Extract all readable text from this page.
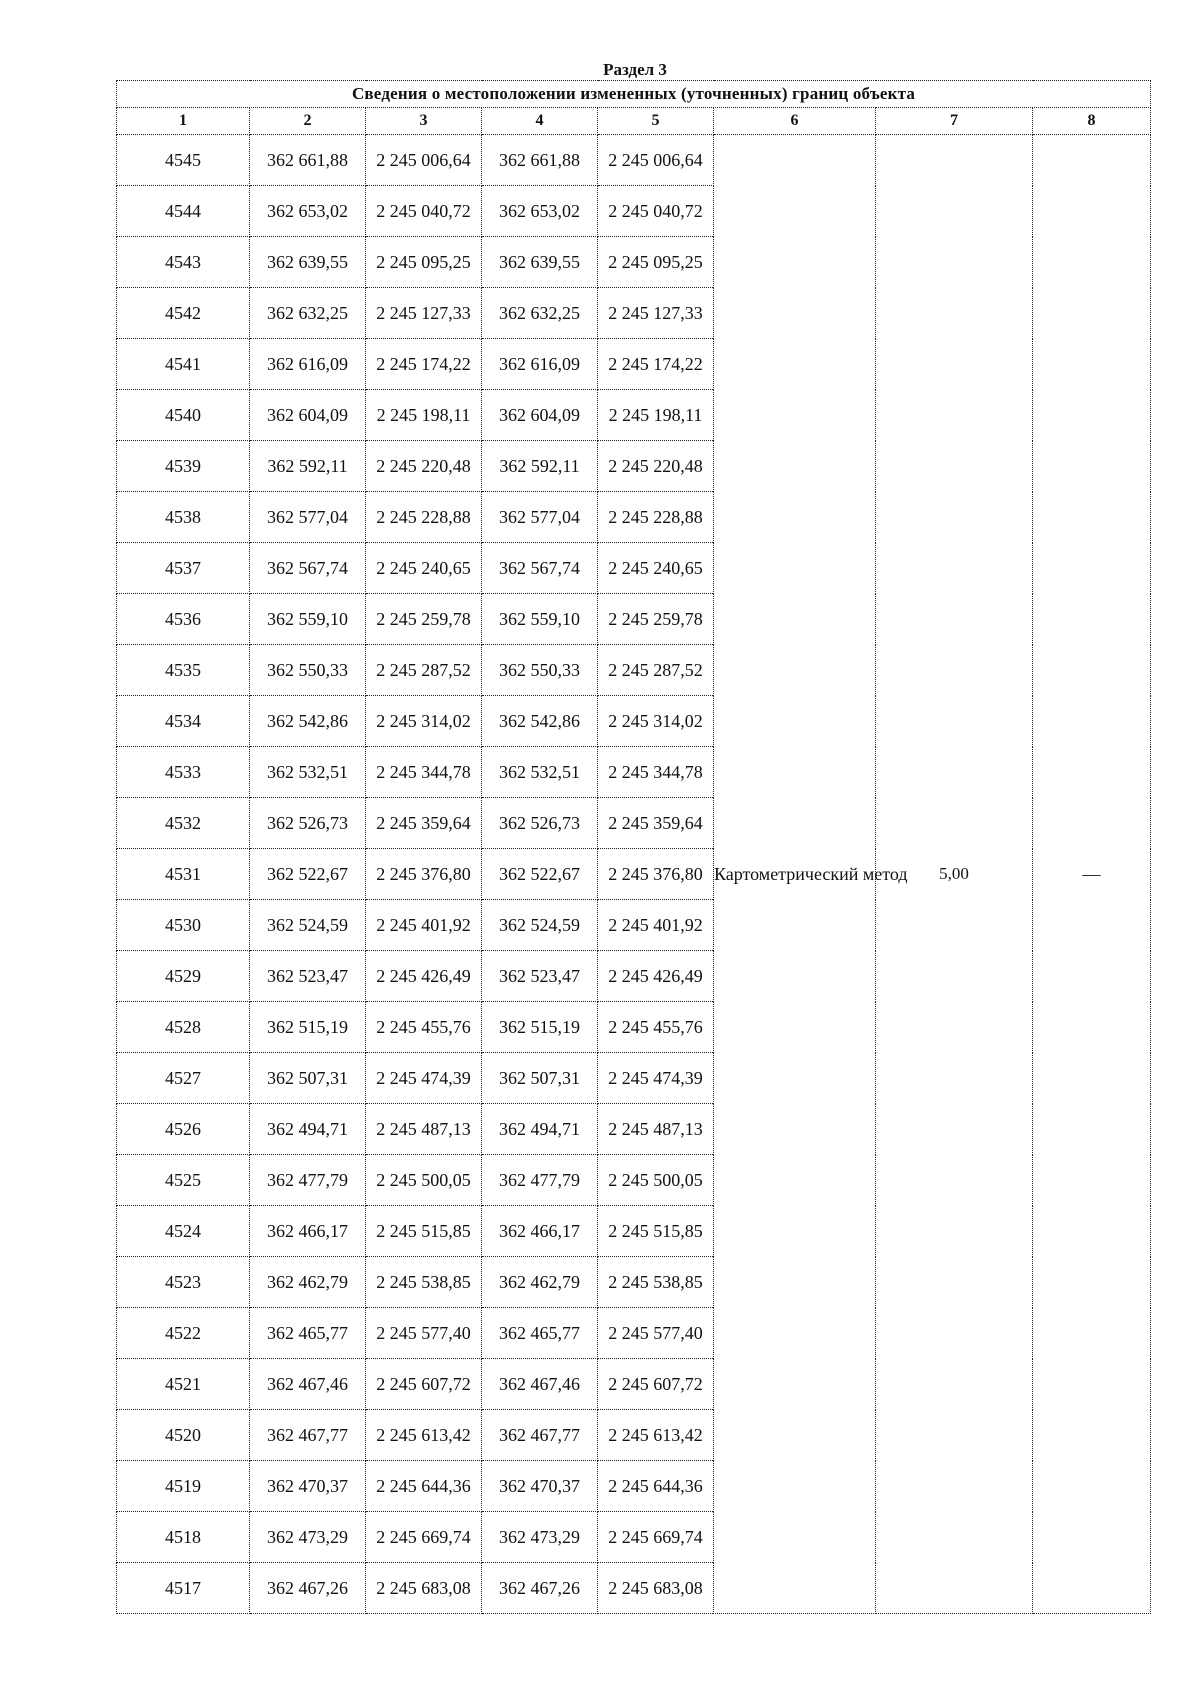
Раздел 3
Сведения о местоположении измененных (уточненных) границ объекта							
1	2	3	4	5	6	7	8
4545	362 661,88	2 245 006,64	362 661,88	2 245 006,64	Картометрический метод	5,00	—
4544	362 653,02	2 245 040,72	362 653,02	2 245 040,72			
4543	362 639,55	2 245 095,25	362 639,55	2 245 095,25			
4542	362 632,25	2 245 127,33	362 632,25	2 245 127,33			
4541	362 616,09	2 245 174,22	362 616,09	2 245 174,22			
4540	362 604,09	2 245 198,11	362 604,09	2 245 198,11			
4539	362 592,11	2 245 220,48	362 592,11	2 245 220,48			
4538	362 577,04	2 245 228,88	362 577,04	2 245 228,88			
4537	362 567,74	2 245 240,65	362 567,74	2 245 240,65			
4536	362 559,10	2 245 259,78	362 559,10	2 245 259,78			
4535	362 550,33	2 245 287,52	362 550,33	2 245 287,52			
4534	362 542,86	2 245 314,02	362 542,86	2 245 314,02			
4533	362 532,51	2 245 344,78	362 532,51	2 245 344,78			
4532	362 526,73	2 245 359,64	362 526,73	2 245 359,64			
4531	362 522,67	2 245 376,80	362 522,67	2 245 376,80			
4530	362 524,59	2 245 401,92	362 524,59	2 245 401,92			
4529	362 523,47	2 245 426,49	362 523,47	2 245 426,49			
4528	362 515,19	2 245 455,76	362 515,19	2 245 455,76			
4527	362 507,31	2 245 474,39	362 507,31	2 245 474,39			
4526	362 494,71	2 245 487,13	362 494,71	2 245 487,13			
4525	362 477,79	2 245 500,05	362 477,79	2 245 500,05			
4524	362 466,17	2 245 515,85	362 466,17	2 245 515,85			
4523	362 462,79	2 245 538,85	362 462,79	2 245 538,85			
4522	362 465,77	2 245 577,40	362 465,77	2 245 577,40			
4521	362 467,46	2 245 607,72	362 467,46	2 245 607,72			
4520	362 467,77	2 245 613,42	362 467,77	2 245 613,42			
4519	362 470,37	2 245 644,36	362 470,37	2 245 644,36			
4518	362 473,29	2 245 669,74	362 473,29	2 245 669,74			
4517	362 467,26	2 245 683,08	362 467,26	2 245 683,08			
